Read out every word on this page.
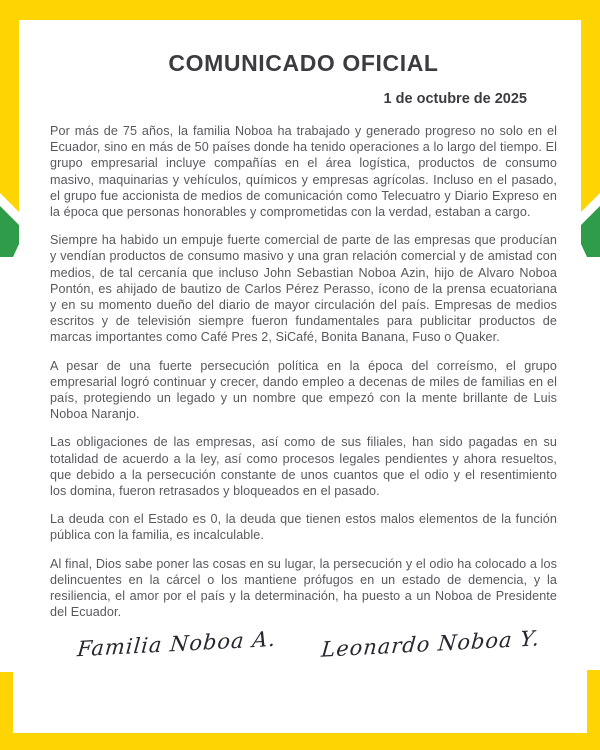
COMUNICADO OFICIAL
1 de octubre de 2025

Por más de 75 años, la familia Noboa ha trabajado y generado progreso no solo en el Ecuador, sino en más de 50 países donde ha tenido operaciones a lo largo del tiempo. El grupo empresarial incluye compañías en el área logística, productos de consumo masivo, maquinarias y vehículos, químicos y empresas agrícolas. Incluso en el pasado, el grupo fue accionista de medios de comunicación como Telecuatro y Diario Expreso en la época que personas honorables y comprometidas con la verdad, estaban a cargo.

Siempre ha habido un empuje fuerte comercial de parte de las empresas que producían y vendían productos de consumo masivo y una gran relación comercial y de amistad con medios, de tal cercanía que incluso John Sebastian Noboa Azin, hijo de Alvaro Noboa Pontón, es ahijado de bautizo de Carlos Pérez Perasso, ícono de la prensa ecuatoriana y en su momento dueño del diario de mayor circulación del país. Empresas de medios escritos y de televisión siempre fueron fundamentales para publicitar productos de marcas importantes como Café Pres 2, SiCafé, Bonita Banana, Fuso o Quaker.

A pesar de una fuerte persecución política en la época del correísmo, el grupo empresarial logró continuar y crecer, dando empleo a decenas de miles de familias en el país, protegiendo un legado y un nombre que empezó con la mente brillante de Luis Noboa Naranjo.

Las obligaciones de las empresas, así como de sus filiales, han sido pagadas en su totalidad de acuerdo a la ley, así como procesos legales pendientes y ahora resueltos, que debido a la persecución constante de unos cuantos que el odio y el resentimiento los domina, fueron retrasados y bloqueados en el pasado.

La deuda con el Estado es 0, la deuda que tienen estos malos elementos de la función pública con la familia, es incalculable.

Al final, Dios sabe poner las cosas en su lugar, la persecución y el odio ha colocado a los delincuentes en la cárcel o los mantiene prófugos en un estado de demencia, y la resiliencia, el amor por el país y la determinación, ha puesto a un Noboa de Presidente del Ecuador.

Familia Noboa A.	Leonardo Noboa Y.
